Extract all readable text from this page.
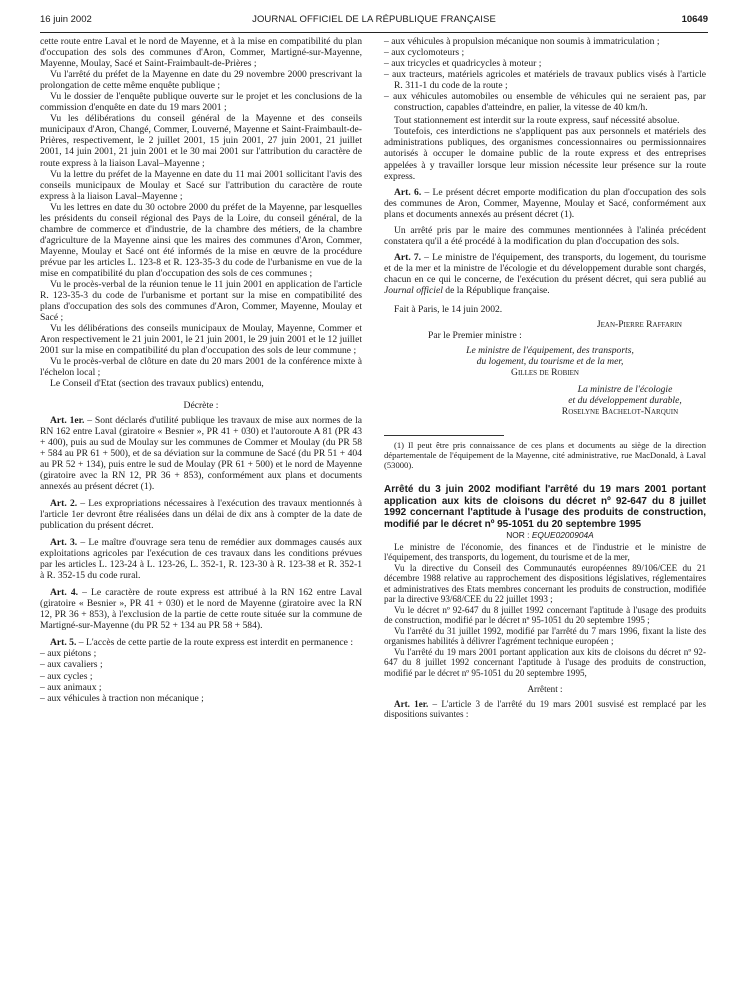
16 juin 2002	JOURNAL OFFICIEL DE LA RÉPUBLIQUE FRANÇAISE	10649

cette route entre Laval et le nord de Mayenne, et à la mise en compatibilité du plan d'occupation des sols des communes d'Aron, Commer, Martigné-sur-Mayenne, Mayenne, Moulay, Sacé et Saint-Fraimbault-de-Prières ;

Vu l'arrêté du préfet de la Mayenne en date du 29 novembre 2000 prescrivant la prolongation de cette même enquête publique ;

Vu le dossier de l'enquête publique ouverte sur le projet et les conclusions de la commission d'enquête en date du 19 mars 2001 ;

Vu les délibérations du conseil général de la Mayenne et des conseils municipaux d'Aron, Changé, Commer, Louverné, Mayenne et Saint-Fraimbault-de-Prières, respectivement, le 2 juillet 2001, 15 juin 2001, 27 juin 2001, 21 juillet 2001, 14 juin 2001, 21 juin 2001 et le 30 mai 2001 sur l'attribution du caractère de route express à la liaison Laval–Mayenne ;

Vu la lettre du préfet de la Mayenne en date du 11 mai 2001 sollicitant l'avis des conseils municipaux de Moulay et Sacé sur l'attribution du caractère de route express à la liaison Laval–Mayenne ;

Vu les lettres en date du 30 octobre 2000 du préfet de la Mayenne, par lesquelles les présidents du conseil régional des Pays de la Loire, du conseil général, de la chambre de commerce et d'industrie, de la chambre des métiers, de la chambre d'agriculture de la Mayenne ainsi que les maires des communes d'Aron, Commer, Mayenne, Moulay et Sacé ont été informés de la mise en œuvre de la procédure prévue par les articles L. 123-8 et R. 123-35-3 du code de l'urbanisme en vue de la mise en compatibilité du plan d'occupation des sols de ces communes ;

Vu le procès-verbal de la réunion tenue le 11 juin 2001 en application de l'article R. 123-35-3 du code de l'urbanisme et portant sur la mise en compatibilité des plans d'occupation des sols des communes d'Aron, Commer, Mayenne, Moulay et Sacé ;

Vu les délibérations des conseils municipaux de Moulay, Mayenne, Commer et Aron respectivement le 21 juin 2001, le 21 juin 2001, le 29 juin 2001 et le 12 juillet 2001 sur la mise en compatibilité du plan d'occupation des sols de leur commune ;

Vu le procès-verbal de clôture en date du 20 mars 2001 de la conférence mixte à l'échelon local ;

Le Conseil d'Etat (section des travaux publics) entendu,

Décrète :

Art. 1er. – Sont déclarés d'utilité publique les travaux de mise aux normes de la RN 162 entre Laval (giratoire « Besnier », PR 41 + 030) et l'autoroute A 81 (PR 43 + 400), puis au sud de Moulay sur les communes de Commer et Moulay (du PR 58 + 584 au PR 61 + 500), et de sa déviation sur la commune de Sacé (du PR 51 + 404 au PR 52 + 134), puis entre le sud de Moulay (PR 61 + 500) et le nord de Mayenne (giratoire avec la RN 12, PR 36 + 853), conformément aux plans et documents annexés au présent décret (1).

Art. 2. – Les expropriations nécessaires à l'exécution des travaux mentionnés à l'article 1er devront être réalisées dans un délai de dix ans à compter de la date de publication du présent décret.

Art. 3. – Le maître d'ouvrage sera tenu de remédier aux dommages causés aux exploitations agricoles par l'exécution de ces travaux dans les conditions prévues par les articles L. 123-24 à L. 123-26, L. 352-1, R. 123-30 à R. 123-38 et R. 352-1 à R. 352-15 du code rural.

Art. 4. – Le caractère de route express est attribué à la RN 162 entre Laval (giratoire « Besnier », PR 41 + 030) et le nord de Mayenne (giratoire avec la RN 12, PR 36 + 853), à l'exclusion de la partie de cette route située sur la commune de Martigné-sur-Mayenne (du PR 52 + 134 au PR 58 + 584).

Art. 5. – L'accès de cette partie de la route express est interdit en permanence :

– aux piétons ;
– aux cavaliers ;
– aux cycles ;
– aux animaux ;
– aux véhicules à traction non mécanique ;
– aux véhicules à propulsion mécanique non soumis à immatriculation ;
– aux cyclomoteurs ;
– aux tricycles et quadricycles à moteur ;
– aux tracteurs, matériels agricoles et matériels de travaux publics visés à l'article R. 311-1 du code de la route ;
– aux véhicules automobiles ou ensemble de véhicules qui ne seraient pas, par construction, capables d'atteindre, en palier, la vitesse de 40 km/h.

Tout stationnement est interdit sur la route express, sauf nécessité absolue.

Toutefois, ces interdictions ne s'appliquent pas aux personnels et matériels des administrations publiques, des organismes concessionnaires ou permissionnaires autorisés à occuper le domaine public de la route express et des entreprises appelées à y travailler lorsque leur mission nécessite leur présence sur la route express.

Art. 6. – Le présent décret emporte modification du plan d'occupation des sols des communes de Aron, Commer, Mayenne, Moulay et Sacé, conformément aux plans et documents annexés au présent décret (1).

Un arrêté pris par le maire des communes mentionnées à l'alinéa précédent constatera qu'il a été procédé à la modification du plan d'occupation des sols.

Art. 7. – Le ministre de l'équipement, des transports, du logement, du tourisme et de la mer et la ministre de l'écologie et du développement durable sont chargés, chacun en ce qui le concerne, de l'exécution du présent décret, qui sera publié au Journal officiel de la République française.

Fait à Paris, le 14 juin 2002.

Jean-Pierre Raffarin

Par le Premier ministre :

Le ministre de l'équipement, des transports,

du logement, du tourisme et de la mer,

Gilles de Robien

La ministre de l'écologie

et du développement durable,

Roselyne Bachelot-Narquin

(1) Il peut être pris connaissance de ces plans et documents au siège de la direction départementale de l'équipement de la Mayenne, cité administrative, rue MacDonald, à Laval (53000).

Arrêté du 3 juin 2002 modifiant l'arrêté du 19 mars 2001 portant application aux kits de cloisons du décret nº 92-647 du 8 juillet 1992 concernant l'aptitude à l'usage des produits de construction, modifié par le décret nº 95-1051 du 20 septembre 1995

NOR : EQUE0200904A

Le ministre de l'économie, des finances et de l'industrie et le ministre de l'équipement, des transports, du logement, du tourisme et de la mer,

Vu la directive du Conseil des Communautés européennes 89/106/CEE du 21 décembre 1988 relative au rapprochement des dispositions législatives, réglementaires et administratives des Etats membres concernant les produits de construction, modifiée par la directive 93/68/CEE du 22 juillet 1993 ;

Vu le décret nº 92-647 du 8 juillet 1992 concernant l'aptitude à l'usage des produits de construction, modifié par le décret nº 95-1051 du 20 septembre 1995 ;

Vu l'arrêté du 31 juillet 1992, modifié par l'arrêté du 7 mars 1996, fixant la liste des organismes habilités à délivrer l'agrément technique européen ;

Vu l'arrêté du 19 mars 2001 portant application aux kits de cloisons du décret nº 92-647 du 8 juillet 1992 concernant l'aptitude à l'usage des produits de construction, modifié par le décret nº 95-1051 du 20 septembre 1995,

Arrêtent :

Art. 1er. – L'article 3 de l'arrêté du 19 mars 2001 susvisé est remplacé par les dispositions suivantes :
